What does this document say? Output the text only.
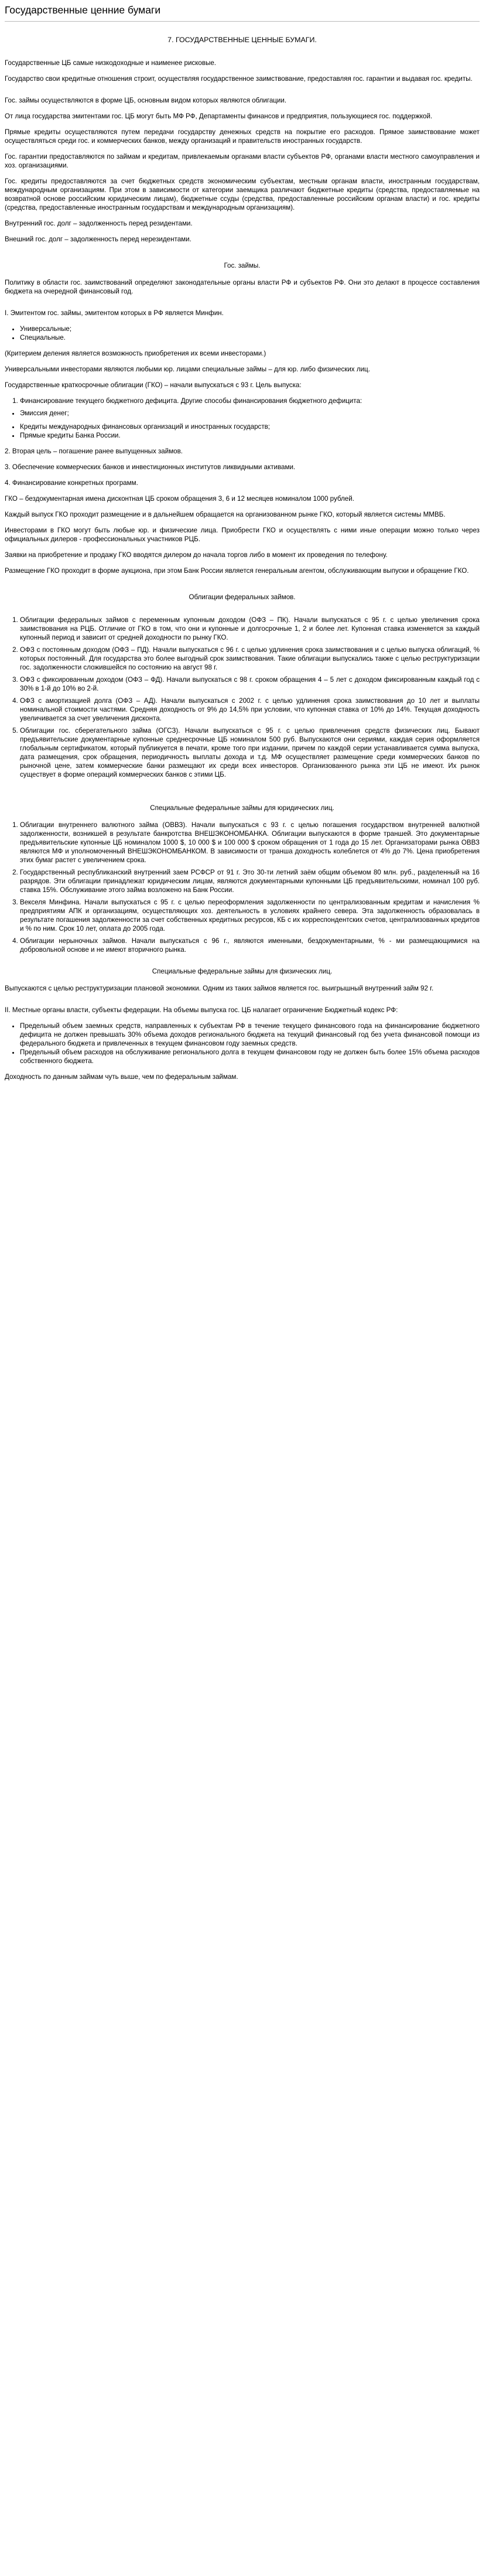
Государственные ценние бумаги
7. ГОСУДАРСТВЕННЫЕ ЦЕННЫЕ БУМАГИ.

Государственные ЦБ самые низкодоходные и наименее рисковые.

Государство свои кредитные отношения строит, осуществляя государственное заимствование, предоставляя гос. гарантии и выдавая гос. кредиты.

Гос. займы осуществляются в форме ЦБ, основным видом которых являются облигации.

От лица государства эмитентами гос. ЦБ могут быть МФ РФ, Департаменты финансов и предприятия, пользующиеся гос. поддержкой.

Прямые кредиты осуществляются путем передачи государству денежных средств на покрытие его расходов. Прямое заимствование может осуществляться среди гос. и коммерческих банков, между организаций и правительств иностранных государств.

Гос. гарантии предоставляются по займам и кредитам, привлекаемым органами власти субъектов РФ, органами власти местного самоуправления и хоз. организациями.

Гос. кредиты предоставляются за счет бюджетных средств экономическим субъектам, местным органам власти, иностранным государствам, международным организациям. При этом в зависимости от категории заемщика различают бюджетные кредиты (средства, предоставляемые на возвратной основе российским юридическим лицам), бюджетные ссуды (средства, предоставленные российским органам власти) и гос. кредиты (средства, предоставленные иностранным государствам и международным организациям).

Внутренний гос. долг – задолженность перед резидентами.

Внешний гос. долг – задолженность перед нерезидентами.

Гос. займы.

Политику в области гос. заимствований определяют законодательные органы власти РФ и субъектов РФ. Они это делают в процессе составления бюджета на очередной финансовый год.

I. Эмитентом гос. займы, эмитентом которых в РФ является Минфин.

• Универсальные;
• Специальные.

(Критерием деления является возможность приобретения их всеми инвесторами.)

Универсальными инвесторами являются любыми юр. лицами специальные займы – для юр. либо физических лиц.

Государственные краткосрочные облигации (ГКО) – начали выпускаться с 93 г. Цель выпуска:

1. Финансирование текущего бюджетного дефицита. Другие способы финансирования бюджетного дефицита:
• Эмиссия денег;
• Кредиты международных финансовых организаций и иностранных государств;
• Прямые кредиты Банка России.

2. Вторая цель – погашение ранее выпущенных займов.

3. Обеспечение коммерческих банков и инвестиционных институтов ликвидными активами.

4. Финансирование конкретных программ.

ГКО – бездокументарная имена дисконтная ЦБ сроком обращения 3, 6 и 12 месяцев номиналом 1000 рублей.

Каждый выпуск ГКО проходит размещение и в дальнейшем обращается на организованном рынке ГКО, который является системы ММВБ.

Инвесторами в ГКО могут быть любые юр. и физические лица. Приобрести ГКО и осуществлять с ними иные операции можно только через официальных дилеров - профессиональных участников РЦБ.

Заявки на приобретение и продажу ГКО вводятся дилером до начала торгов либо в момент их проведения по телефону.

Размещение ГКО проходит в форме аукциона, при этом Банк России является генеральным агентом, обслуживающим выпуски и обращение ГКО.

Облигации федеральных займов.
1. Облигации федеральных займов с переменным купонным доходом (ОФЗ – ПК). Начали выпускаться с 95 г. с целью увеличения срока заимствования на РЦБ. Отличие от ГКО в том, что они и купонные и долгосрочные 1, 2 и более лет. Купонная ставка изменяется за каждый купонный период и зависит от средней доходности по рынку ГКО.
2. ОФЗ с постоянным доходом (ОФЗ – ПД). Начали выпускаться с 96 г. с целью удлинения срока заимствования и с целью выпуска облигаций, % которых постоянный. Для государства это более выгодный срок заимствования. Такие облигации выпускались также с целью реструктуризации гос. задолженности сложившейся по состоянию на август 98 г.
3. ОФЗ с фиксированным доходом (ОФЗ – ФД). Начали выпускаться с 98 г. сроком обращения 4 – 5 лет с доходом фиксированным каждый год с 30% в 1-й до 10% во 2-й.
4. ОФЗ с амортизацией долга (ОФЗ – АД). Начали выпускаться с 2002 г. с целью удлинения срока заимствования до 10 лет и выплаты номинальной стоимости частями. Средняя доходность от 9% до 14,5% при условии, что купонная ставка от 10% до 14%. Текущая доходность увеличивается за счет увеличения дисконта.
5. Облигации гос. сберегательного займа (ОГСЗ). Начали выпускаться с 95 г. с целью привлечения средств физических лиц. Бывают предъявительские документарные купонные среднесрочные ЦБ номиналом 500 руб. Выпускаются они сериями, каждая серия оформляется глобальным сертификатом, который публикуется в печати, кроме того при издании, причем по каждой серии устанавливается сумма выпуска, дата размещения, срок обращения, периодичность выплаты дохода и т.д. МФ осуществляет размещение среди коммерческих банков по рыночной цене, затем коммерческие банки размещают их среди всех инвесторов. Организованного рынка эти ЦБ не имеют. Их рынок существует в форме операций коммерческих банков с этими ЦБ.
Специальные федеральные займы для юридических лиц.
1. Облигации внутреннего валютного займа (ОВВЗ). Начали выпускаться с 93 г. с целью погашения государством внутренней валютной задолженности, возникшей в результате банкротства ВНЕШЭКОНОМБАНКА. Облигации выпускаются в форме траншей. Это документарные предъявительские купонные ЦБ номиналом 1000 $, 10 000 $ и 100 000 $ сроком обращения от 1 года до 15 лет. Организаторами рынка ОВВЗ являются МФ и уполномоченный ВНЕШЭКОНОМБАНКОМ. В зависимости от транша доходность колеблется от 4% до 7%. Цена приобретения этих бумаг растет с увеличением срока.
2. Государственный республиканский внутренний заем РСФСР от 91 г. Это 30-ти летний заём общим объемом 80 млн. руб., разделенный на 16 разрядов. Эти облигации принадлежат юридическим лицам, являются документарными купонными ЦБ предъявительскими, номинал 100 руб. ставка 15%. Обслуживание этого займа возложено на Банк России.
3. Векселя Минфина. Начали выпускаться с 95 г. с целью переоформления задолженности по централизованным кредитам и начисления % предприятиям АПК и организациям, осуществляющих хоз. деятельность в условиях крайнего севера. Эта задолженность образовалась в результате погашения задолженности за счет собственных кредитных ресурсов, КБ с их корреспондентских счетов, централизованных кредитов и % по ним. Срок 10 лет, оплата до 2005 года.
4. Облигации нерыночных займов. Начали выпускаться с 96 г., являются именными, бездокументарными, % - ми размещающимися на добровольной основе и не имеют вторичного рынка.
Специальные федеральные займы для физических лиц.

Выпускаются с целью реструктуризации плановой экономики. Одним из таких займов является гос. выигрышный внутренний займ 92 г.

II. Местные органы власти, субъекты федерации. На объемы выпуска гос. ЦБ налагает ограничение Бюджетный кодекс РФ:

• Предельный объем заемных средств, направленных к субъектам РФ в течение текущего финансового года на финансирование бюджетного дефицита не должен превышать 30% объема доходов регионального бюджета на текущий финансовый год без учета финансовой помощи из федерального бюджета и привлеченных в текущем финансовом году заемных средств.
• Предельный объем расходов на обслуживание регионального долга в текущем финансовом году не должен быть более 15% объема расходов собственного бюджета.

Доходность по данным займам чуть выше, чем по федеральным займам.
